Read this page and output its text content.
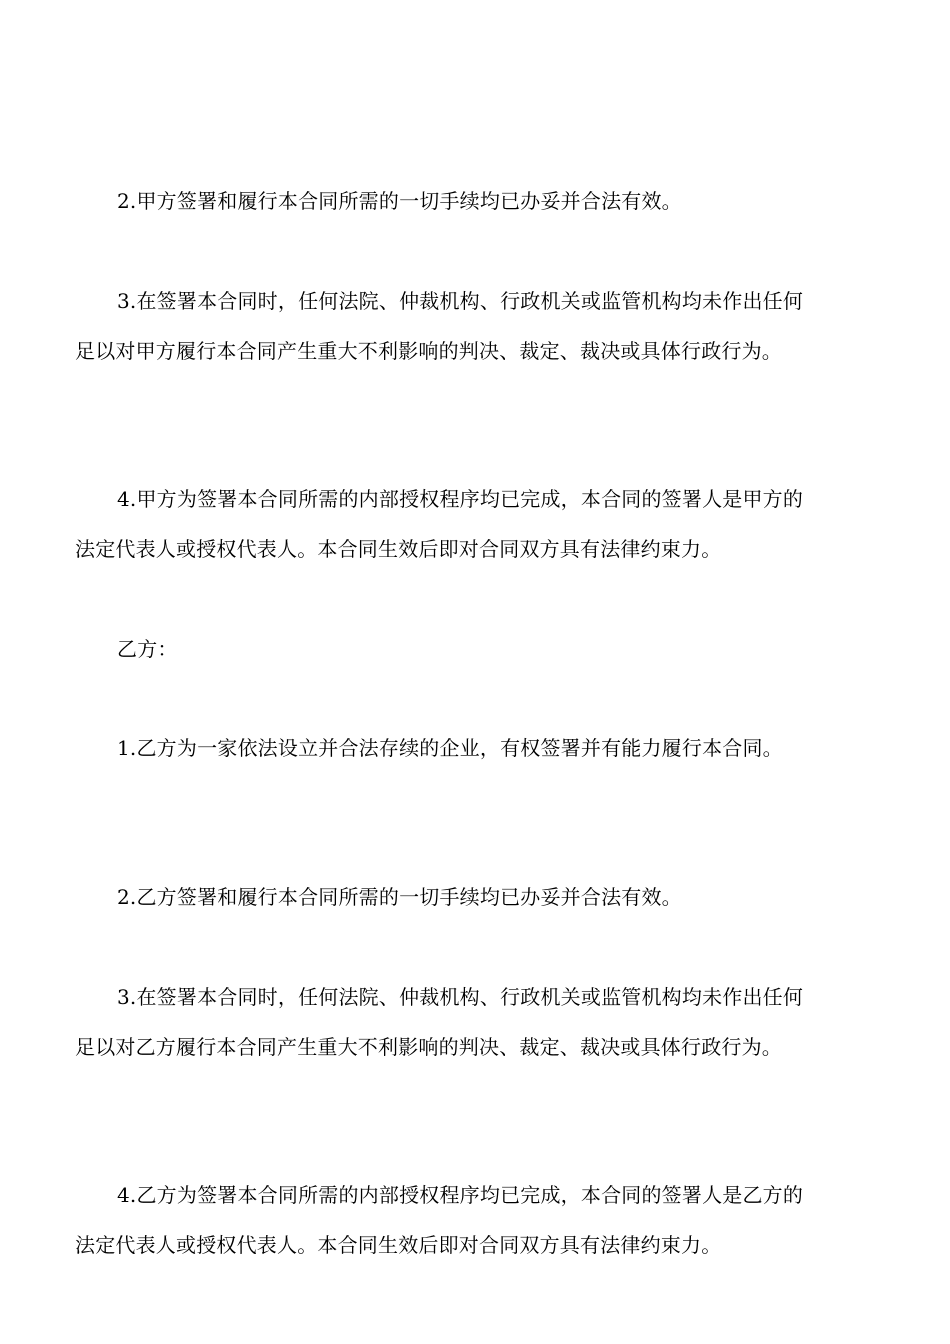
2.甲方签署和履行本合同所需的一切手续均已办妥并合法有效。
3.在签署本合同时，任何法院、仲裁机构、行政机关或监管机构均未作出任何
足以对甲方履行本合同产生重大不利影响的判决、裁定、裁决或具体行政行为。
4.甲方为签署本合同所需的内部授权程序均已完成，本合同的签署人是甲方的
法定代表人或授权代表人。本合同生效后即对合同双方具有法律约束力。
乙方：
1.乙方为一家依法设立并合法存续的企业，有权签署并有能力履行本合同。
2.乙方签署和履行本合同所需的一切手续均已办妥并合法有效。
3.在签署本合同时，任何法院、仲裁机构、行政机关或监管机构均未作出任何
足以对乙方履行本合同产生重大不利影响的判决、裁定、裁决或具体行政行为。
4.乙方为签署本合同所需的内部授权程序均已完成，本合同的签署人是乙方的
法定代表人或授权代表人。本合同生效后即对合同双方具有法律约束力。
